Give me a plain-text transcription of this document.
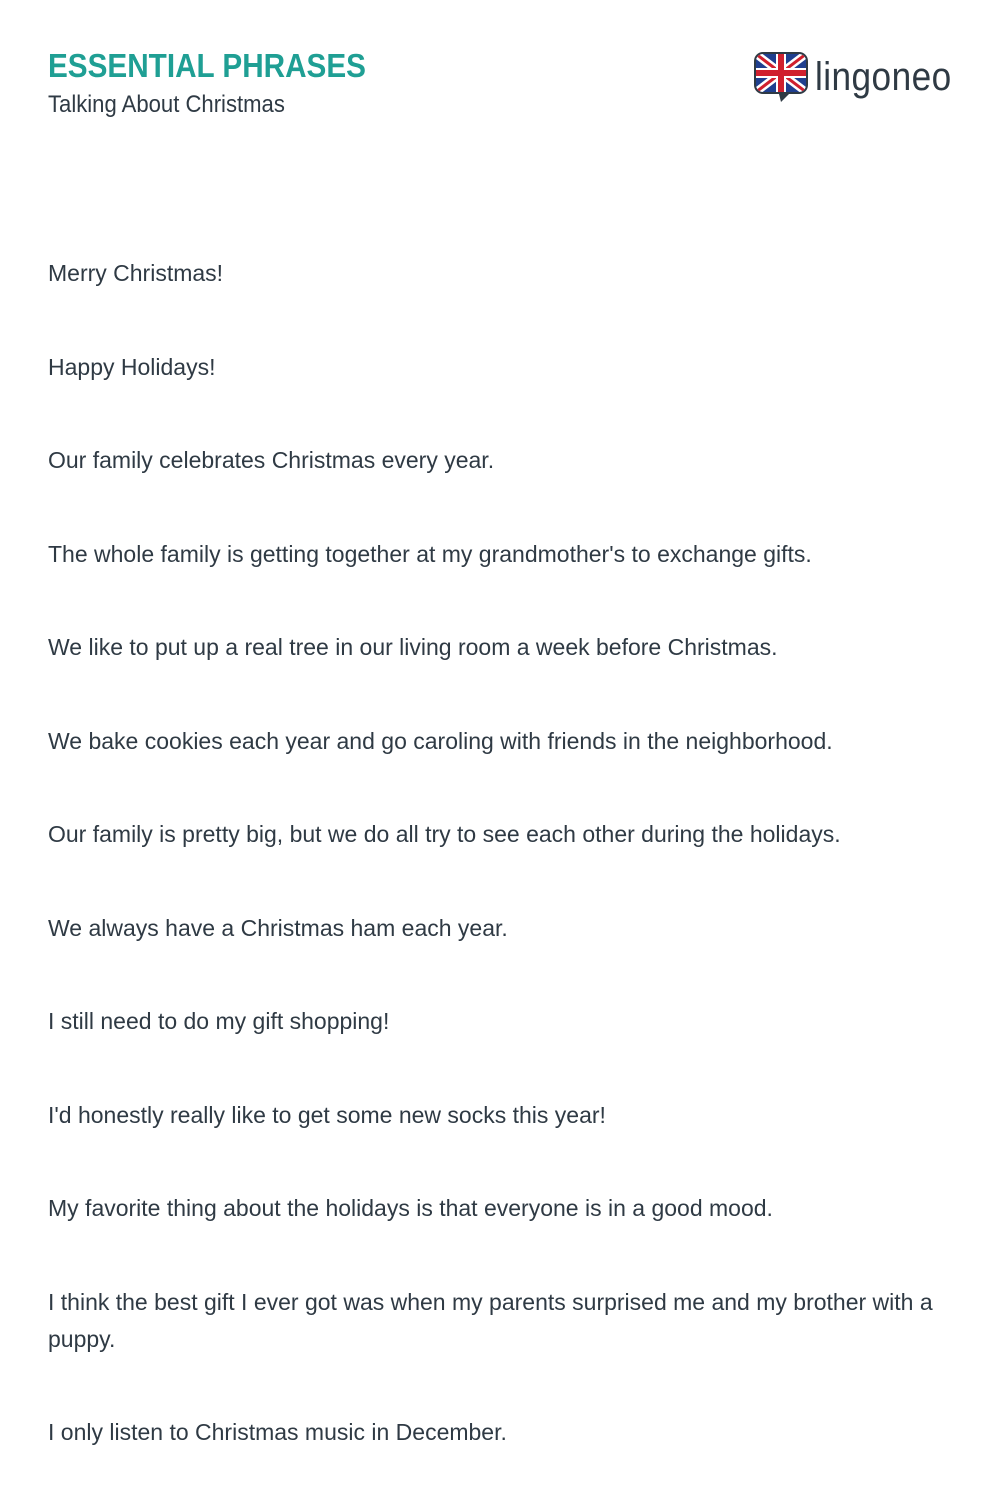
ESSENTIAL PHRASES
Talking About Christmas
lingoneo
Merry Christmas!
Happy Holidays!
Our family celebrates Christmas every year.
The whole family is getting together at my grandmother's to exchange gifts.
We like to put up a real tree in our living room a week before Christmas.
We bake cookies each year and go caroling with friends in the neighborhood.
Our family is pretty big, but we do all try to see each other during the holidays.
We always have a Christmas ham each year.
I still need to do my gift shopping!
I'd honestly really like to get some new socks this year!
My favorite thing about the holidays is that everyone is in a good mood.
I think the best gift I ever got was when my parents surprised me and my brother with a puppy.
I only listen to Christmas music in December.
